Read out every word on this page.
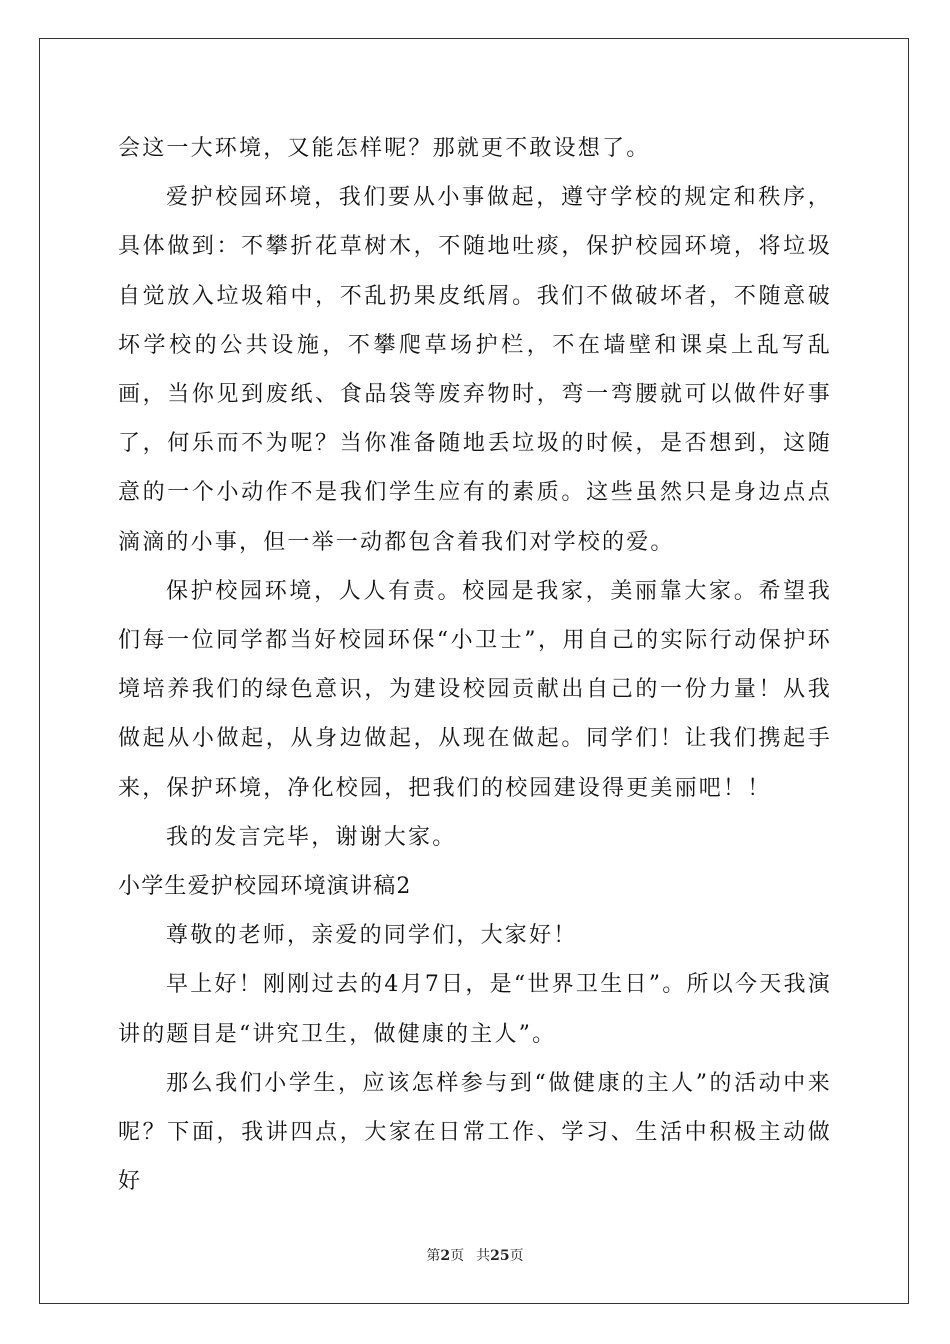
会这一大环境，又能怎样呢？那就更不敢设想了。

爱护校园环境，我们要从小事做起，遵守学校的规定和秩序，具体做到：不攀折花草树木，不随地吐痰，保护校园环境，将垃圾自觉放入垃圾箱中，不乱扔果皮纸屑。我们不做破坏者，不随意破坏学校的公共设施，不攀爬草场护栏，不在墙壁和课桌上乱写乱画，当你见到废纸、食品袋等废弃物时，弯一弯腰就可以做件好事了，何乐而不为呢？当你准备随地丢垃圾的时候，是否想到，这随意的一个小动作不是我们学生应有的素质。这些虽然只是身边点点滴滴的小事，但一举一动都包含着我们对学校的爱。

保护校园环境，人人有责。校园是我家，美丽靠大家。希望我们每一位同学都当好校园环保“小卫士”，用自己的实际行动保护环境培养我们的绿色意识，为建设校园贡献出自己的一份力量！从我做起从小做起，从身边做起，从现在做起。同学们！让我们携起手来，保护环境，净化校园，把我们的校园建设得更美丽吧！！

我的发言完毕，谢谢大家。

小学生爱护校园环境演讲稿2

尊敬的老师，亲爱的同学们，大家好！

早上好！刚刚过去的4月7日，是“世界卫生日”。所以今天我演讲的题目是“讲究卫生，做健康的主人”。

那么我们小学生，应该怎样参与到“做健康的主人”的活动中来呢？下面，我讲四点，大家在日常工作、学习、生活中积极主动做好

第2页 共25页
